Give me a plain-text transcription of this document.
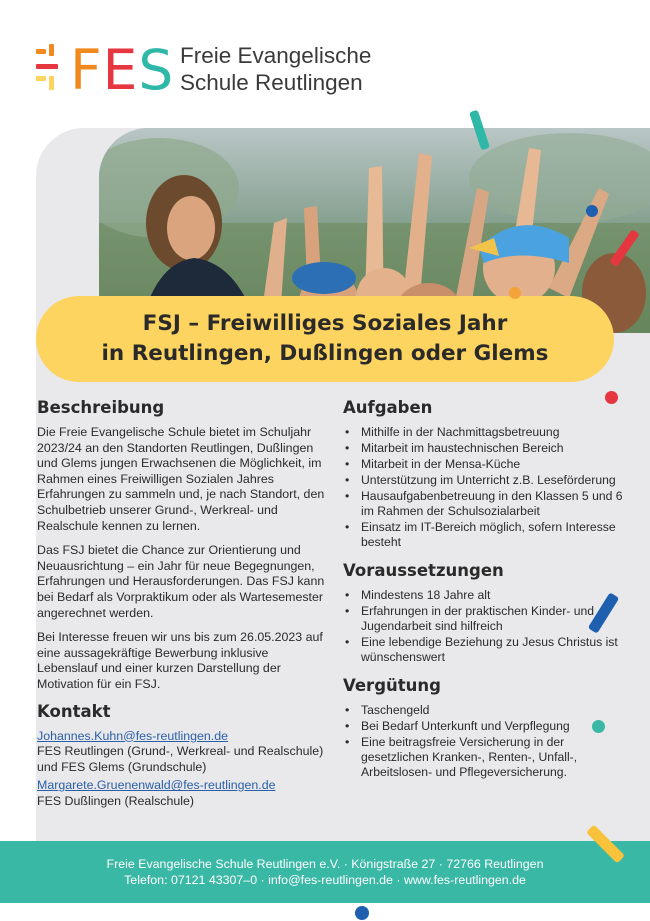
FES Freie Evangelische
Schule Reutlingen
FSJ – Freiwilliges Soziales Jahr
in Reutlingen, Dußlingen oder Glems
Beschreibung

Die Freie Evangelische Schule bietet im Schuljahr 2023/24 an den Standorten Reutlingen, Dußlingen und Glems jungen Erwachsenen die Möglichkeit, im Rahmen eines Freiwilligen Sozialen Jahres Erfahrungen zu sammeln und, je nach Standort, den Schulbetrieb unserer Grund-, Werkreal- und Realschule kennen zu lernen.

Das FSJ bietet die Chance zur Orientierung und Neuausrichtung – ein Jahr für neue Begegnungen, Erfahrungen und Herausforderungen. Das FSJ kann bei Bedarf als Vorpraktikum oder als Wartesemester angerechnet werden.

Bei Interesse freuen wir uns bis zum 26.05.2023 auf eine aussagekräftige Bewerbung inklusive Lebenslauf und einer kurzen Darstellung der Motivation für ein FSJ.

Kontakt
Johannes.Kuhn@fes-reutlingen.de
FES Reutlingen (Grund-, Werkreal- und Realschule) und FES Glems (Grundschule)
Margarete.Gruenenwald@fes-reutlingen.de
FES Dußlingen (Realschule)
Aufgaben
• Mithilfe in der Nachmittagsbetreuung
• Mitarbeit im haustechnischen Bereich
• Mitarbeit in der Mensa-Küche
• Unterstützung im Unterricht z.B. Leseförderung
• Hausaufgabenbetreuung in den Klassen 5 und 6 im Rahmen der Schulsozialarbeit
• Einsatz im IT-Bereich möglich, sofern Interesse besteht
Voraussetzungen
• Mindestens 18 Jahre alt
• Erfahrungen in der praktischen Kinder- und Jugendarbeit sind hilfreich
• Eine lebendige Beziehung zu Jesus Christus ist wünschenswert
Vergütung
• Taschengeld
• Bei Bedarf Unterkunft und Verpflegung
• Eine beitragsfreie Versicherung in der gesetzlichen Kranken-, Renten-, Unfall-, Arbeitslosen- und Pflegeversicherung.
Freie Evangelische Schule Reutlingen e.V. · Königstraße 27 · 72766 Reutlingen
Telefon: 07121 43307–0 · info@fes-reutlingen.de · www.fes-reutlingen.de
